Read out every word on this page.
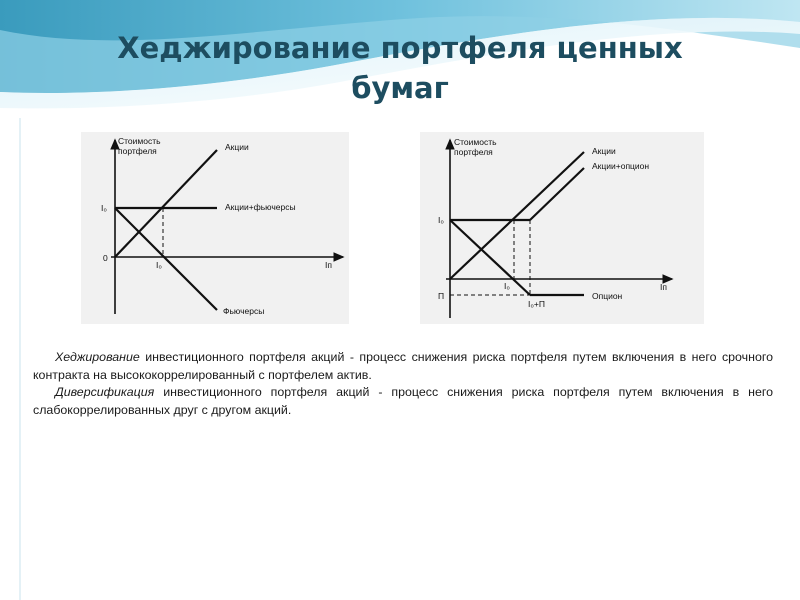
Хеджирование портфеля ценных
бумаг
Стоимость
портфеля
Iп
I₀
0
I₀
Акции
Акции+фьючерсы
Фьючерсы
Стоимость
портфеля
Iп
I₀
П
I₀
I₀+П
Акции
Акции+опцион
Опцион

Хеджирование инвестиционного портфеля акций - процесс снижения риска портфеля путем включения в него срочного контракта на высококоррелированный с портфелем актив.

Диверсификация инвестиционного портфеля акций - процесс снижения риска портфеля путем включения в него слабокоррелированных друг с другом акций.
